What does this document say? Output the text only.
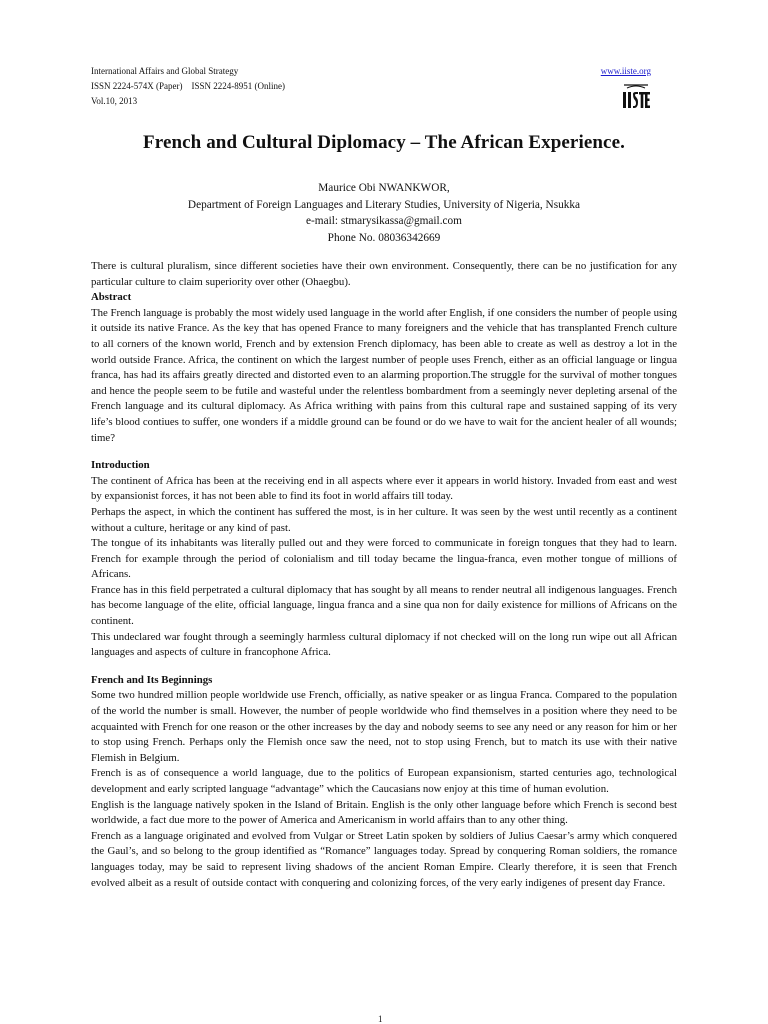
International Affairs and Global Strategy
ISSN 2224-574X (Paper)    ISSN 2224-8951 (Online)
Vol.10, 2013
www.iiste.org
French and Cultural Diplomacy – The African Experience.
Maurice Obi NWANKWOR,
Department of Foreign Languages and Literary Studies, University of Nigeria, Nsukka
e-mail: stmarysikassa@gmail.com
Phone No. 08036342669

There is cultural pluralism, since different societies have their own environment. Consequently, there can be no justification for any particular culture to claim superiority over other (Ohaegbu).

Abstract

The French language is probably the most widely used language in the world after English, if one considers the number of people using it outside its native France. As the key that has opened France to many foreigners and the vehicle that has transplanted French culture to all corners of the known world, French and by extension French diplomacy, has been able to create as well as destroy a lot in the world outside France. Africa, the continent on which the largest number of people uses French, either as an official language or lingua franca, has had its affairs greatly directed and distorted even to an alarming proportion.The struggle for the survival of mother tongues and hence the people seem to be futile and wasteful under the relentless bombardment from a seemingly never depleting arsenal of the French language and its cultural diplomacy. As Africa writhing with pains from this cultural rape and sustained sapping of its very life’s blood contiues to suffer, one wonders if a middle ground can be found or do we have to wait for the ancient healer of all wounds; time?

Introduction

The continent of Africa has been at the receiving end in all aspects where ever it appears in world history. Invaded from east and west by expansionist forces, it has not been able to find its foot in world affairs till today.

Perhaps the aspect, in which the continent has suffered the most, is in her culture. It was seen by the west until recently as a continent without a culture, heritage or any kind of past.

The tongue of its inhabitants was literally pulled out and they were forced to communicate in foreign tongues that they had to learn. French for example through the period of colonialism and till today became the lingua-franca, even mother tongue of millions of Africans.

France has in this field perpetrated a cultural diplomacy that has sought by all means to render neutral all indigenous languages. French has become language of the elite, official language, lingua franca and a sine qua non for daily existence for millions of Africans on the continent.

This undeclared war fought through a seemingly harmless cultural diplomacy if not checked will on the long run wipe out all African languages and aspects of culture in francophone Africa.

French and Its Beginnings

Some two hundred million people worldwide use French, officially, as native speaker or as lingua Franca. Compared to the population of the world the number is small. However, the number of people worldwide who find themselves in a position where they need to be acquainted with French for one reason or the other increases by the day and nobody seems to see any need or any reason for him or her to stop using French. Perhaps only the Flemish once saw the need, not to stop using French, but to match its use with their native Flemish in Belgium.

French is as of consequence a world language, due to the politics of European expansionism, started centuries ago, technological development and early scripted language “advantage” which the Caucasians now enjoy at this time of human evolution.

English is the language natively spoken in the Island of Britain. English is the only other language before which French is second best worldwide, a fact due more to the power of America and Americanism in world affairs than to any other thing.

French as a language originated and evolved from Vulgar or Street Latin spoken by soldiers of Julius Caesar’s army which conquered the Gaul’s, and so belong to the group identified as “Romance” languages today. Spread by conquering Roman soldiers, the romance languages today, may be said to represent living shadows of the ancient Roman Empire. Clearly therefore, it is seen that French evolved albeit as a result of outside contact with conquering and colonizing forces, of the very early indigenes of present day France.

1
